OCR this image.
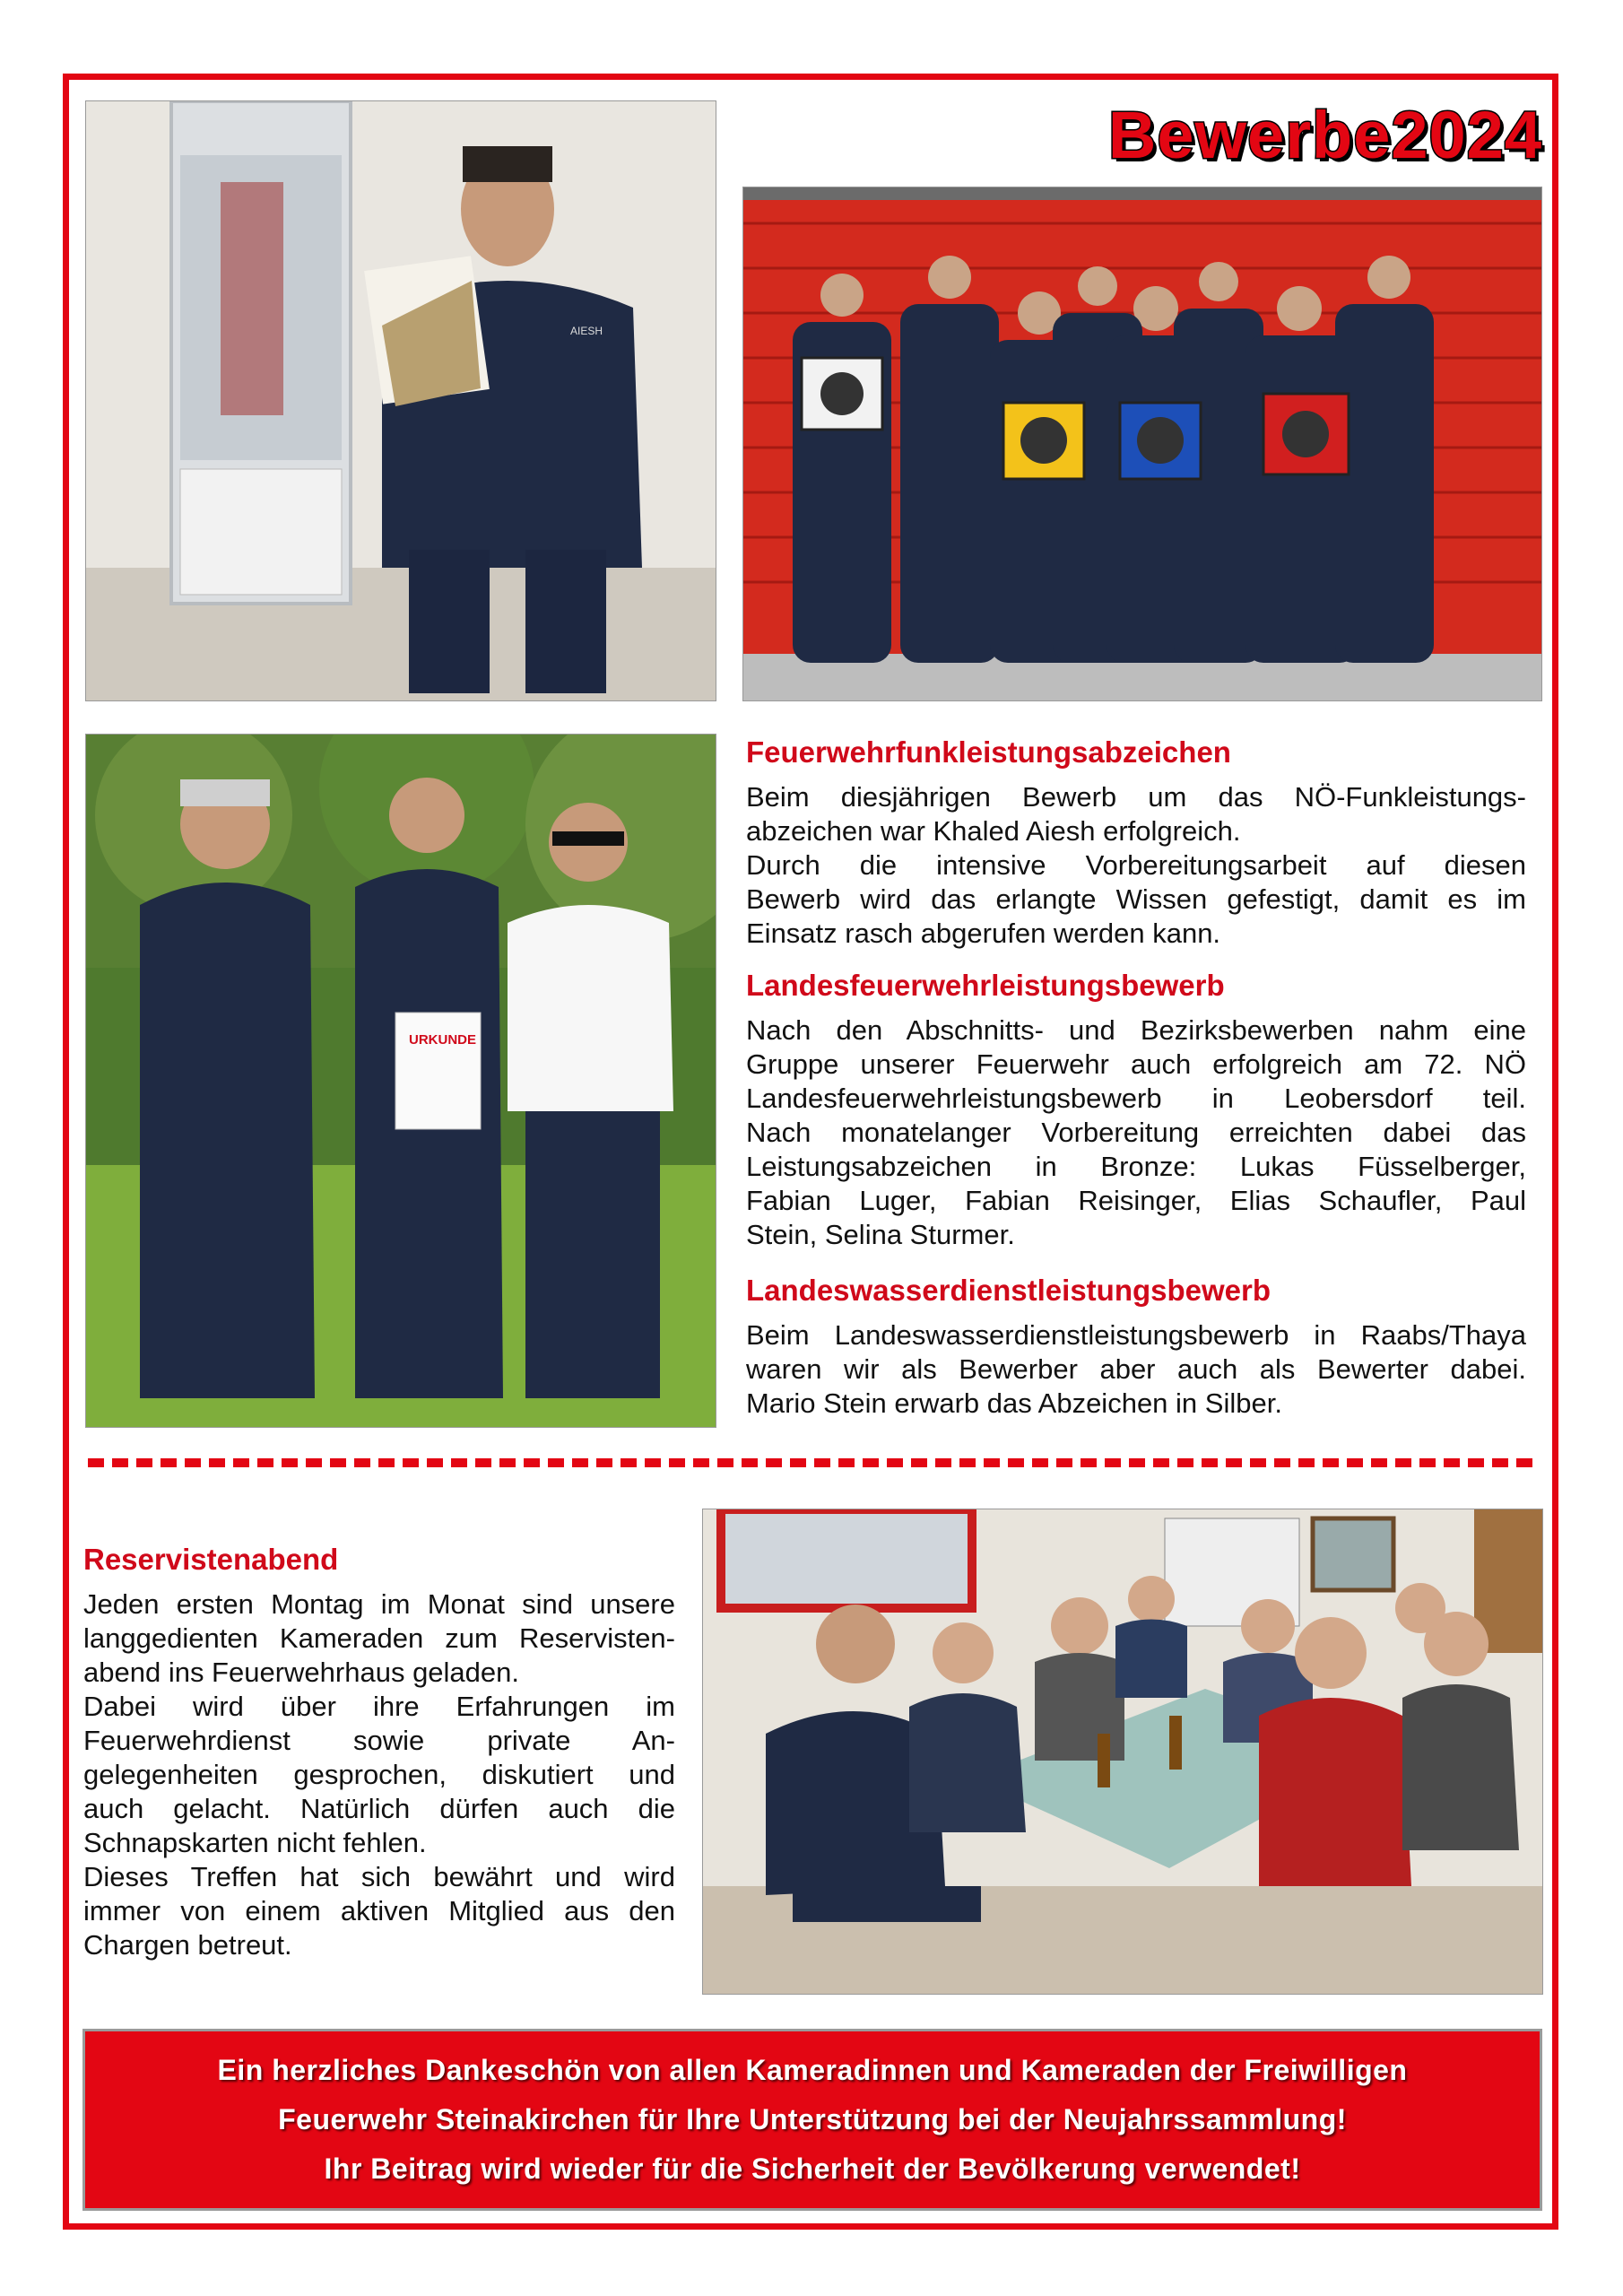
Bewerbe2024
AIESH
URKUNDE
Feuerwehrfunkleistungsabzeichen
Beim diesjährigen Bewerb um das NÖ-Funkleistungs-
abzeichen war Khaled Aiesh erfolgreich.
Durch die intensive Vorbereitungsarbeit auf diesen
Bewerb wird das erlangte Wissen gefestigt, damit es im
Einsatz rasch abgerufen werden kann.
Landesfeuerwehrleistungsbewerb
Nach den Abschnitts- und Bezirksbewerben nahm eine
Gruppe unserer Feuerwehr auch erfolgreich am 72. NÖ
Landesfeuerwehrleistungsbewerb in Leobersdorf teil.
Nach monatelanger Vorbereitung erreichten dabei das
Leistungsabzeichen in Bronze: Lukas Füsselberger,
Fabian Luger, Fabian Reisinger, Elias Schaufler, Paul
Stein, Selina Sturmer.
Landeswasserdienstleistungsbewerb
Beim Landeswasserdienstleistungsbewerb in Raabs/Thaya
waren wir als Bewerber aber auch als Bewerter dabei.
Mario Stein erwarb das Abzeichen in Silber.
Reservistenabend
Jeden ersten Montag im Monat sind unsere
langgedienten Kameraden zum Reservisten-
abend ins Feuerwehrhaus geladen.
Dabei wird über ihre Erfahrungen im
Feuerwehrdienst sowie private An-
gelegenheiten gesprochen, diskutiert und
auch gelacht. Natürlich dürfen auch die
Schnapskarten nicht fehlen.
Dieses Treffen hat sich bewährt und wird
immer von einem aktiven Mitglied aus den
Chargen betreut.
Ein herzliches Dankeschön von allen Kameradinnen und Kameraden der Freiwilligen
Feuerwehr Steinakirchen für Ihre Unterstützung bei der Neujahrssammlung!
Ihr Beitrag wird wieder für die Sicherheit der Bevölkerung verwendet!
